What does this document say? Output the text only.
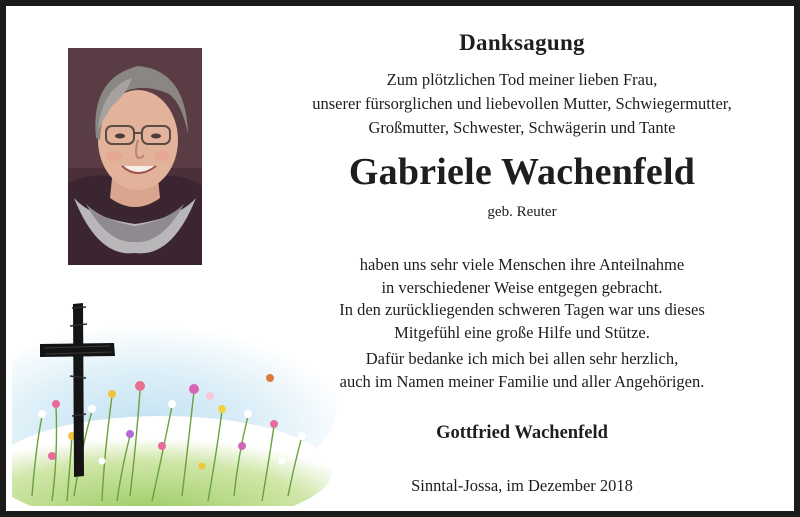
Danksagung
Zum plötzlichen Tod meiner lieben Frau,
unserer fürsorglichen und liebevollen Mutter, Schwiegermutter,
Großmutter, Schwester, Schwägerin und Tante
Gabriele Wachenfeld
geb. Reuter
haben uns sehr viele Menschen ihre Anteilnahme
in verschiedener Weise entgegen gebracht.
In den zurückliegenden schweren Tagen war uns dieses
Mitgefühl eine große Hilfe und Stütze.
Dafür bedanke ich mich bei allen sehr herzlich,
auch im Namen meiner Familie und aller Angehörigen.
Gottfried Wachenfeld
Sinntal-Jossa, im Dezember 2018
